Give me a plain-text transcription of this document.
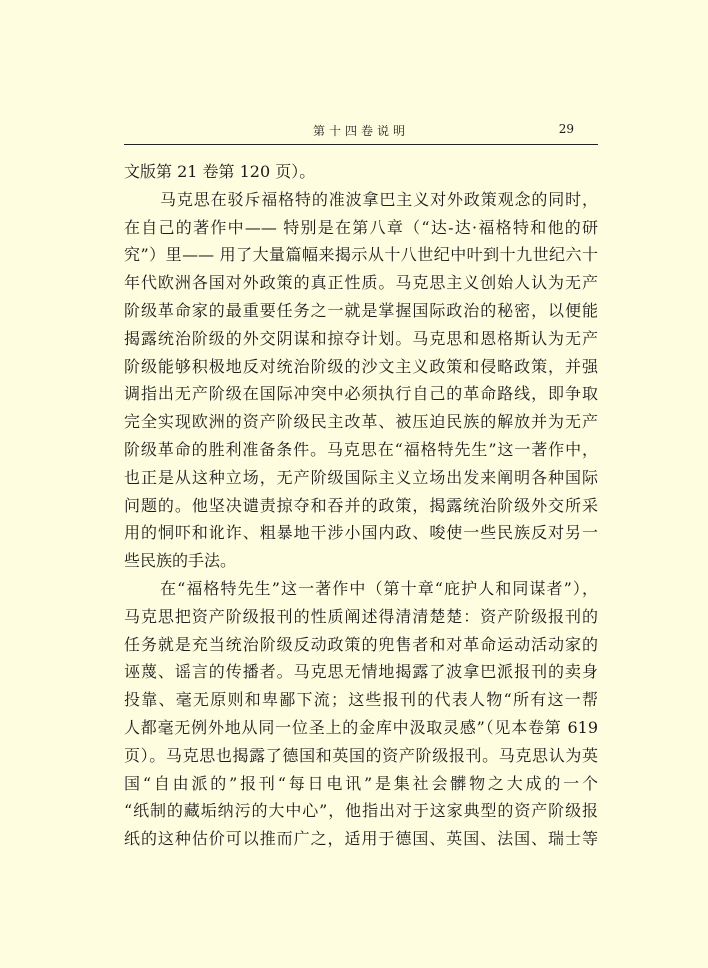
第十四卷说明	29
文版第 21 卷第 120 页）。
马克思在驳斥福格特的准波拿巴主义对外政策观念的同时，
在自己的著作中—— 特别是在第八章（“达-达·福格特和他的研
究”）里—— 用了大量篇幅来揭示从十八世纪中叶到十九世纪六十
年代欧洲各国对外政策的真正性质。马克思主义创始人认为无产
阶级革命家的最重要任务之一就是掌握国际政治的秘密，以便能
揭露统治阶级的外交阴谋和掠夺计划。马克思和恩格斯认为无产
阶级能够积极地反对统治阶级的沙文主义政策和侵略政策，并强
调指出无产阶级在国际冲突中必须执行自己的革命路线，即争取
完全实现欧洲的资产阶级民主改革、被压迫民族的解放并为无产
阶级革命的胜利准备条件。马克思在“福格特先生”这一著作中，
也正是从这种立场，无产阶级国际主义立场出发来阐明各种国际
问题的。他坚决谴责掠夺和吞并的政策，揭露统治阶级外交所采
用的恫吓和讹诈、粗暴地干涉小国内政、唆使一些民族反对另一
些民族的手法。
在“福格特先生”这一著作中（第十章“庇护人和同谋者”），
马克思把资产阶级报刊的性质阐述得清清楚楚：资产阶级报刊的
任务就是充当统治阶级反动政策的兜售者和对革命运动活动家的
诬蔑、谣言的传播者。马克思无情地揭露了波拿巴派报刊的卖身
投靠、毫无原则和卑鄙下流；这些报刊的代表人物“所有这一帮
人都毫无例外地从同一位圣上的金库中汲取灵感”（见本卷第 619
页）。马克思也揭露了德国和英国的资产阶级报刊。马克思认为英
国“自由派的”报刊“每日电讯”是集社会髒物之大成的一个
“纸制的藏垢纳污的大中心”，他指出对于这家典型的资产阶级报
纸的这种估价可以推而广之，适用于德国、英国、法国、瑞士等
